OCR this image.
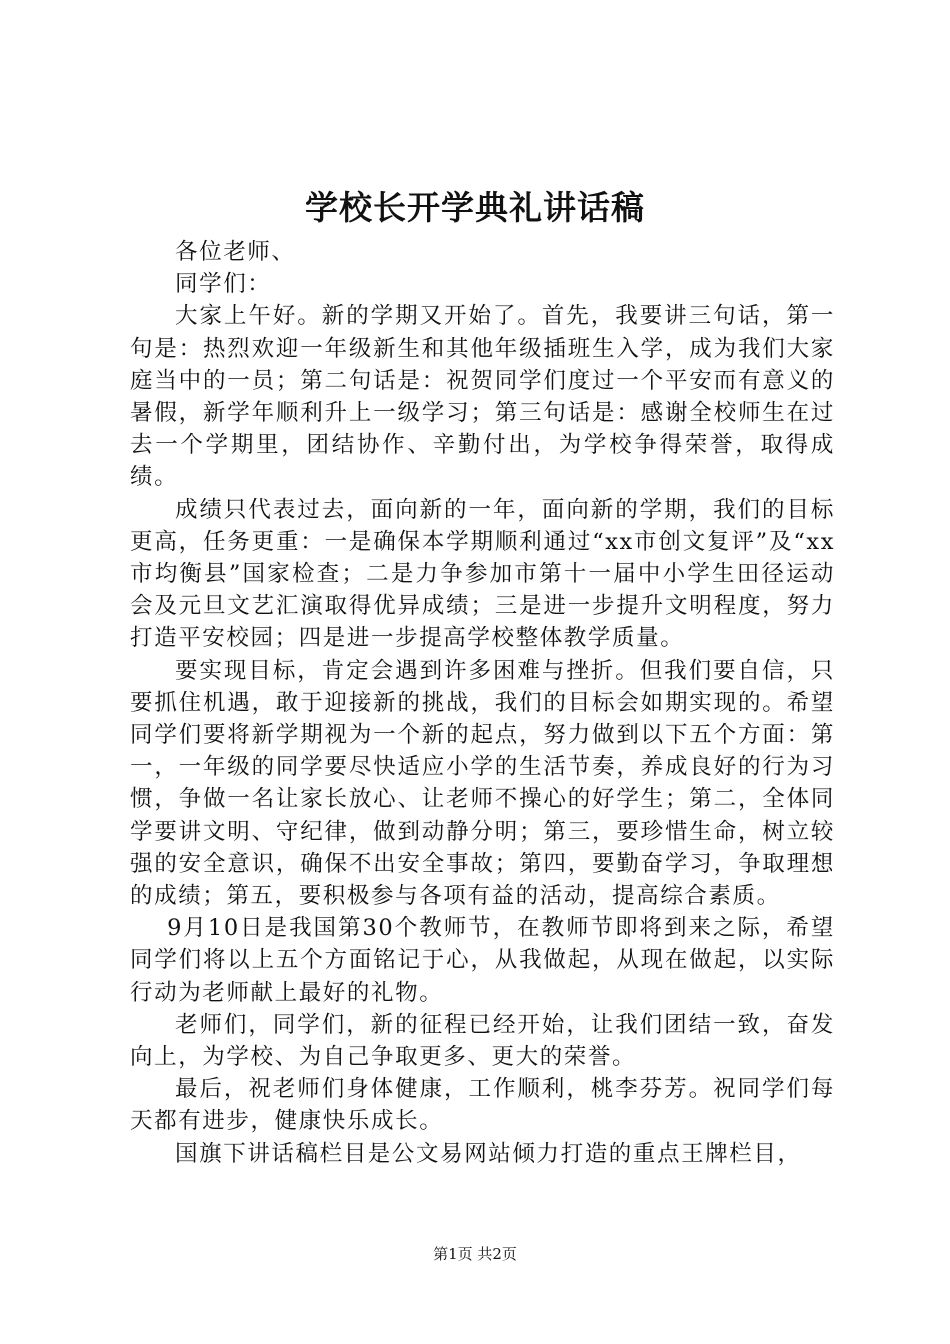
学校长开学典礼讲话稿

各位老师、

同学们：

大家上午好。新的学期又开始了。首先，我要讲三句话，第一句是：热烈欢迎一年级新生和其他年级插班生入学，成为我们大家庭当中的一员；第二句话是：祝贺同学们度过一个平安而有意义的暑假，新学年顺利升上一级学习；第三句话是：感谢全校师生在过去一个学期里，团结协作、辛勤付出，为学校争得荣誉，取得成绩。

成绩只代表过去，面向新的一年，面向新的学期，我们的目标更高，任务更重：一是确保本学期顺利通过“xx市创文复评”及“xx市均衡县”国家检查；二是力争参加市第十一届中小学生田径运动会及元旦文艺汇演取得优异成绩；三是进一步提升文明程度，努力打造平安校园；四是进一步提高学校整体教学质量。

要实现目标，肯定会遇到许多困难与挫折。但我们要自信，只要抓住机遇，敢于迎接新的挑战，我们的目标会如期实现的。希望同学们要将新学期视为一个新的起点，努力做到以下五个方面：第一，一年级的同学要尽快适应小学的生活节奏，养成良好的行为习惯，争做一名让家长放心、让老师不操心的好学生；第二，全体同学要讲文明、守纪律，做到动静分明；第三，要珍惜生命，树立较强的安全意识，确保不出安全事故；第四，要勤奋学习，争取理想的成绩；第五，要积极参与各项有益的活动，提高综合素质。

9月10日是我国第30个教师节，在教师节即将到来之际，希望同学们将以上五个方面铭记于心，从我做起，从现在做起，以实际行动为老师献上最好的礼物。

老师们，同学们，新的征程已经开始，让我们团结一致，奋发向上，为学校、为自己争取更多、更大的荣誉。

最后，祝老师们身体健康，工作顺利，桃李芬芳。祝同学们每天都有进步，健康快乐成长。

国旗下讲话稿栏目是公文易网站倾力打造的重点王牌栏目，

第1页 共2页
